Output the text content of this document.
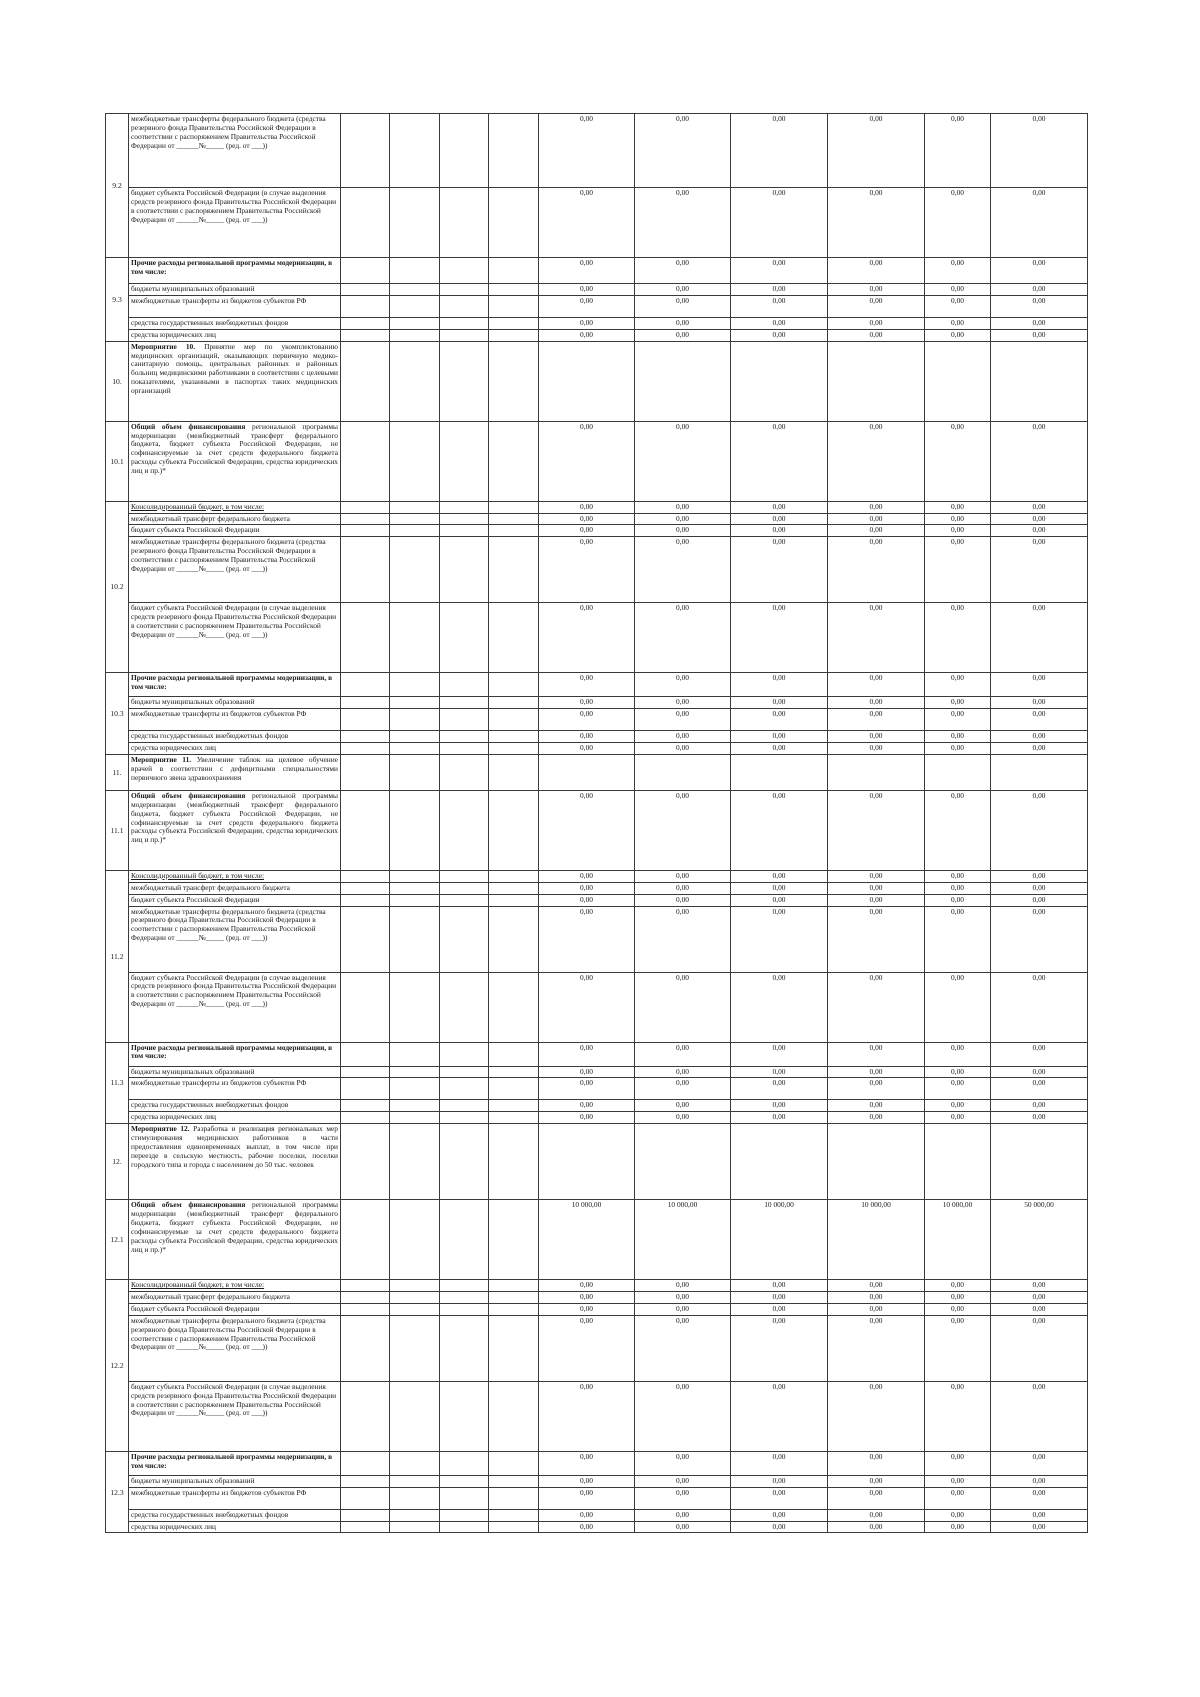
9.2	межбюджетные трансферты федерального бюджета (средства резервного фонда Правительства Российской Федерации в соответствии с распоряжением Правительства Российской Федерации от ______№_____ (ред. от ___))					0,00	0,00	0,00	0,00	0,00	0,00
	бюджет субъекта Российской Федерации (в случае выделения средств резервного фонда Правительства Российской Федерации в соответствии с распоряжением Правительства Российской Федерации от ______№_____ (ред. от ___))					0,00	0,00	0,00	0,00	0,00	0,00
9.3	Прочие расходы региональной программы модернизации, в том числе:					0,00	0,00	0,00	0,00	0,00	0,00
	бюджеты муниципальных образований					0,00	0,00	0,00	0,00	0,00	0,00
	межбюджетные трансферты из бюджетов субъектов РФ					0,00	0,00	0,00	0,00	0,00	0,00
	средства государственных внебюджетных фондов					0,00	0,00	0,00	0,00	0,00	0,00
	средства юридических лиц					0,00	0,00	0,00	0,00	0,00	0,00
10.	Мероприятие 10. Принятие мер по укомплектованию медицинских организаций, оказывающих первичную медико-санитарную помощь, центральных районных и районных больниц медицинскими работниками в соответствии с целевыми показателями, указанными в паспортах таких медицинских организаций										
10.1	Общий объем финансирования региональной программы модернизации (межбюджетный трансферт федерального бюджета, бюджет субъекта Российской Федерации, не софинансируемые за счет средств федерального бюджета расходы субъекта Российской Федерации, средства юридических лиц и пр.)*					0,00	0,00	0,00	0,00	0,00	0,00
10.2	Консолидированный бюджет, в том числе:					0,00	0,00	0,00	0,00	0,00	0,00
	межбюджетный трансферт федерального бюджета					0,00	0,00	0,00	0,00	0,00	0,00
	бюджет субъекта Российской Федерации					0,00	0,00	0,00	0,00	0,00	0,00
	межбюджетные трансферты федерального бюджета (средства резервного фонда Правительства Российской Федерации в соответствии с распоряжением Правительства Российской Федерации от ______№_____ (ред. от ___))					0,00	0,00	0,00	0,00	0,00	0,00
	бюджет субъекта Российской Федерации (в случае выделения средств резервного фонда Правительства Российской Федерации в соответствии с распоряжением Правительства Российской Федерации от ______№_____ (ред. от ___))					0,00	0,00	0,00	0,00	0,00	0,00
10.3	Прочие расходы региональной программы модернизации, в том числе:					0,00	0,00	0,00	0,00	0,00	0,00
	бюджеты муниципальных образований					0,00	0,00	0,00	0,00	0,00	0,00
	межбюджетные трансферты из бюджетов субъектов РФ					0,00	0,00	0,00	0,00	0,00	0,00
	средства государственных внебюджетных фондов					0,00	0,00	0,00	0,00	0,00	0,00
	средства юридических лиц					0,00	0,00	0,00	0,00	0,00	0,00
11.	Мероприятие 11. Увеличение таблок на целевое обучение врачей в соответствии с дефицитными специальностями первичного звена здравоохранения										
11.1	Общий объем финансирования региональной программы модернизации (межбюджетный трансферт федерального бюджета, бюджет субъекта Российской Федерации, не софинансируемые за счет средств федерального бюджета расходы субъекта Российской Федерации, средства юридических лиц и пр.)*					0,00	0,00	0,00	0,00	0,00	0,00
11.2	Консолидированный бюджет, в том числе:					0,00	0,00	0,00	0,00	0,00	0,00
	межбюджетный трансферт федерального бюджета					0,00	0,00	0,00	0,00	0,00	0,00
	бюджет субъекта Российской Федерации					0,00	0,00	0,00	0,00	0,00	0,00
	межбюджетные трансферты федерального бюджета (средства резервного фонда Правительства Российской Федерации в соответствии с распоряжением Правительства Российской Федерации от ______№_____ (ред. от ___))					0,00	0,00	0,00	0,00	0,00	0,00
	бюджет субъекта Российской Федерации (в случае выделения средств резервного фонда Правительства Российской Федерации в соответствии с распоряжением Правительства Российской Федерации от ______№_____ (ред. от ___))					0,00	0,00	0,00	0,00	0,00	0,00
11.3	Прочие расходы региональной программы модернизации, в том числе:					0,00	0,00	0,00	0,00	0,00	0,00
	бюджеты муниципальных образований					0,00	0,00	0,00	0,00	0,00	0,00
	межбюджетные трансферты из бюджетов субъектов РФ					0,00	0,00	0,00	0,00	0,00	0,00
	средства государственных внебюджетных фондов					0,00	0,00	0,00	0,00	0,00	0,00
	средства юридических лиц					0,00	0,00	0,00	0,00	0,00	0,00
12.	Мероприятие 12. Разработка и реализация региональных мер стимулирования медицинских работников в части предоставления единовременных выплат, в том числе при переезде в сельскую местность, рабочие поселки, поселки городского типа и города с населением до 50 тыс. человек										
12.1	Общий объем финансирования региональной программы модернизации (межбюджетный трансферт федерального бюджета, бюджет субъекта Российской Федерации, не софинансируемые за счет средств федерального бюджета расходы субъекта Российской Федерации, средства юридических лиц и пр.)*					10 000,00	10 000,00	10 000,00	10 000,00	10 000,00	50 000,00
12.2	Консолидированный бюджет, в том числе:					0,00	0,00	0,00	0,00	0,00	0,00
	межбюджетный трансферт федерального бюджета					0,00	0,00	0,00	0,00	0,00	0,00
	бюджет субъекта Российской Федерации					0,00	0,00	0,00	0,00	0,00	0,00
	межбюджетные трансферты федерального бюджета (средства резервного фонда Правительства Российской Федерации в соответствии с распоряжением Правительства Российской Федерации от ______№_____ (ред. от ___))					0,00	0,00	0,00	0,00	0,00	0,00
	бюджет субъекта Российской Федерации (в случае выделения средств резервного фонда Правительства Российской Федерации в соответствии с распоряжением Правительства Российской Федерации от ______№_____ (ред. от ___))					0,00	0,00	0,00	0,00	0,00	0,00
12.3	Прочие расходы региональной программы модернизации, в том числе:					0,00	0,00	0,00	0,00	0,00	0,00
	бюджеты муниципальных образований					0,00	0,00	0,00	0,00	0,00	0,00
	межбюджетные трансферты из бюджетов субъектов РФ					0,00	0,00	0,00	0,00	0,00	0,00
	средства государственных внебюджетных фондов					0,00	0,00	0,00	0,00	0,00	0,00
	средства юридических лиц					0,00	0,00	0,00	0,00	0,00	0,00
